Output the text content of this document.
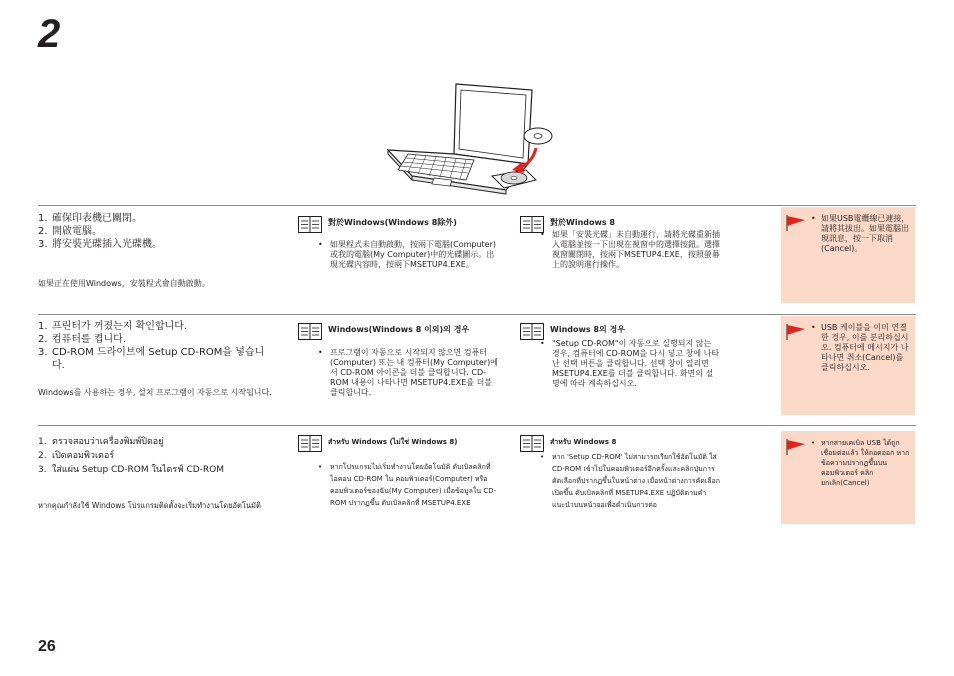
2
1. 確保印表機已關閉。
2. 開啟電腦。
3. 將安裝光碟插入光碟機。
如果正在使用Windows，安裝程式會自動啟動。
對於Windows(Windows 8除外)
• 如果程式未自動啟動，按兩下電腦(Computer)或我的電腦(My Computer)中的光碟圖示。出現光碟內容時，按兩下MSETUP4.EXE。
對於Windows 8
• 如果「安裝光碟」未自動運行，請將光碟重新插入電腦並按一下出現在視窗中的選擇按鈕。選擇視窗關閉時，按兩下MSETUP4.EXE，按照螢幕上的說明進行操作。
• 如果USB電纜線已連接，請將其拔出。如果電腦出現訊息，按一下取消(Cancel)。
1. 프린터가 꺼졌는지 확인합니다.
2. 컴퓨터를 켭니다.
3. CD-ROM 드라이브에 Setup CD-ROM을 넣습니다.
Windows를 사용하는 경우, 설치 프로그램이 자동으로 시작됩니다.
Windows(Windows 8 이외)의 경우
• 프로그램이 자동으로 시작되지 않으면 컴퓨터(Computer) 또는 내 컴퓨터(My Computer)에서 CD-ROM 아이콘을 더블 클릭합니다. CD-ROM 내용이 나타나면 MSETUP4.EXE를 더블 클릭합니다.
Windows 8의 경우
• "Setup CD-ROM"이 자동으로 실행되지 않는 경우, 컴퓨터에 CD-ROM을 다시 넣고 창에 나타난 선택 버튼을 클릭합니다. 선택 창이 열리면 MSETUP4.EXE를 더블 클릭합니다. 화면의 설명에 따라 계속하십시오.
• USB 케이블을 이미 연결한 경우, 이를 분리하십시오. 컴퓨터에 메시지가 나타나면 취소(Cancel)를 클릭하십시오.
1. ตรวจสอบว่าเครื่องพิมพ์ปิดอยู่
2. เปิดคอมพิวเตอร์
3. ใส่แผ่น Setup CD-ROM ในไดรฟ์ CD-ROM
หากคุณกำลังใช้ Windows โปรแกรมติดตั้งจะเริ่มทำงานโดยอัตโนมัติ
สำหรับ Windows (ไม่ใช่ Windows 8)
• หากโปรแกรมไม่เริ่มทำงานโดยอัตโนมัติ ดับเบิลคลิกที่ไอคอน CD-ROM ใน คอมพิวเตอร์(Computer) หรือ คอมพิวเตอร์ของฉัน(My Computer) เมื่อข้อมูลใน CD-ROM ปรากฏขึ้น ดับเบิลคลิกที่ MSETUP4.EXE
สำหรับ Windows 8
• หาก 'Setup CD-ROM' ไม่สามารถเรียกใช้อัตโนมัติ ใส่ CD-ROM เข้าไปในคอมพิวเตอร์อีกครั้งและคลิกปุ่มการคัดเลือกที่ปรากฏขึ้นในหน้าต่าง เมื่อหน้าต่างการคัดเลือกเปิดขึ้น ดับเบิลคลิกที่ MSETUP4.EXE ปฏิบัติตามคำแนะนำบนหน้าจอเพื่อดำเนินการต่อ
• หากสายเคเบิล USB ได้ถูกเชื่อมต่อแล้ว ให้ถอดออก หากข้อความปรากฏขึ้นบนคอมพิวเตอร์ คลิก ยกเลิก(Cancel)
26
